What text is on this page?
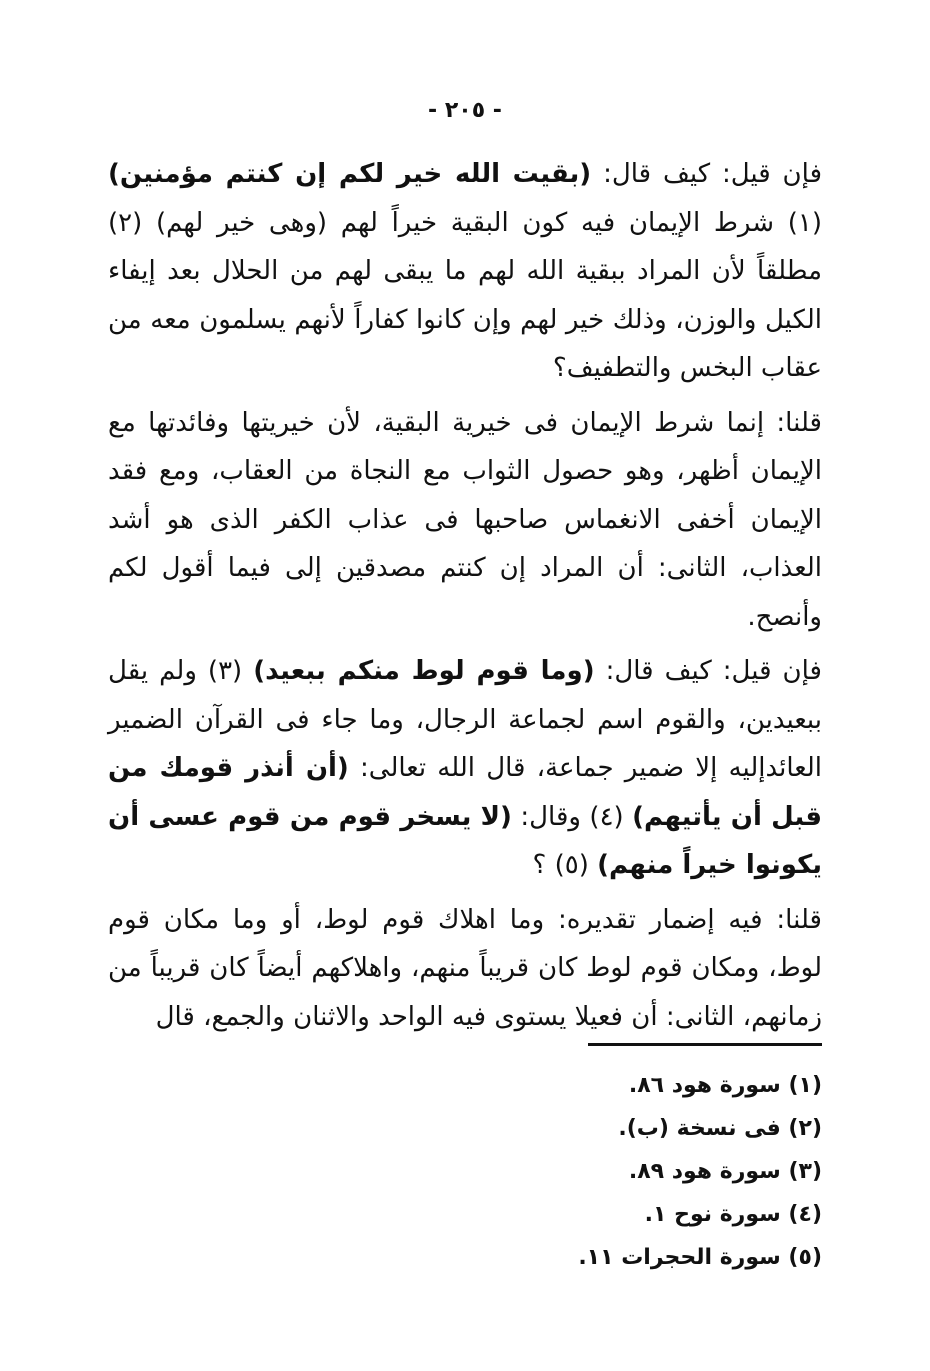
- ٢٠٥ -

فإن قيل: كيف قال: (بقيت الله خير لكم إن كنتم مؤمنين) (١) شرط الإيمان فيه كون البقية خيراً لهم (وهى خير لهم) (٢) مطلقاً لأن المراد ببقية الله لهم ما يبقى لهم من الحلال بعد إيفاء الكيل والوزن، وذلك خير لهم وإن كانوا كفاراً لأنهم يسلمون معه من عقاب البخس والتطفيف؟

قلنا: إنما شرط الإيمان فى خيرية البقية، لأن خيريتها وفائدتها مع الإيمان أظهر، وهو حصول الثواب مع النجاة من العقاب، ومع فقد الإيمان أخفى الانغماس صاحبها فى عذاب الكفر الذى هو أشد العذاب، الثانى: أن المراد إن كنتم مصدقين إلى فيما أقول لكم وأنصح.

فإن قيل: كيف قال: (وما قوم لوط منكم ببعيد) (٣) ولم يقل ببعيدين، والقوم اسم لجماعة الرجال، وما جاء فى القرآن الضمير العائدإليه إلا ضمير جماعة، قال الله تعالى: (أن أنذر قومك من قبل أن يأتيهم) (٤) وقال: (لا يسخر قوم من قوم عسى أن يكونوا خيراً منهم) (٥) ؟

قلنا: فيه إضمار تقديره: وما اهلاك قوم لوط، أو وما مكان قوم لوط، ومكان قوم لوط كان قريباً منهم، واهلاكهم أيضاً كان قريباً من زمانهم، الثانى: أن فعيلا يستوى فيه الواحد والاثنان والجمع، قال

(١) سورة هود ٨٦.
(٢) فى نسخة (ب).
(٣) سورة هود ٨٩.
(٤) سورة نوح ١.
(٥) سورة الحجرات ١١.
